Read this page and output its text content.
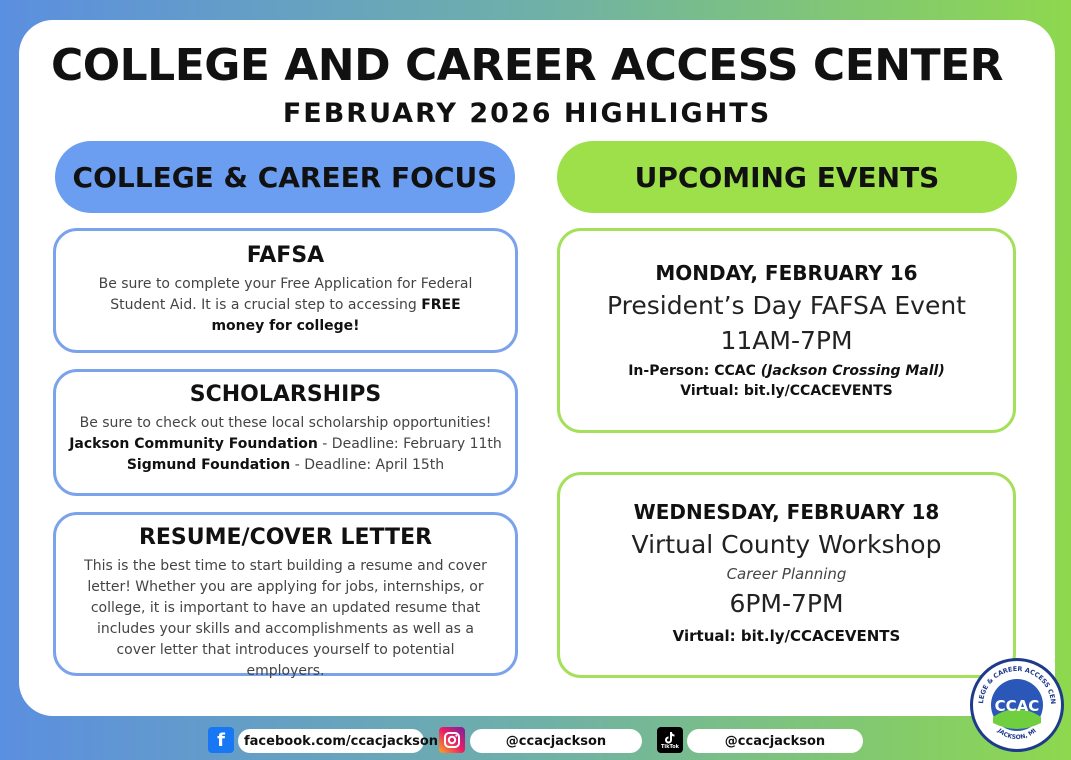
COLLEGE AND CAREER ACCESS CENTER
FEBRUARY 2026 HIGHLIGHTS
COLLEGE & CAREER FOCUS	UPCOMING EVENTS
FAFSA

Be sure to complete your Free Application for Federal Student Aid. It is a crucial step to accessing FREE money for college!

SCHOLARSHIPS

Be sure to check out these local scholarship opportunities!

Jackson Community Foundation - Deadline: February 11th

Sigmund Foundation - Deadline: April 15th

RESUME/COVER LETTER

This is the best time to start building a resume and cover letter! Whether you are applying for jobs, internships, or college, it is important to have an updated resume that includes your skills and accomplishments as well as a cover letter that introduces yourself to potential employers.

MONDAY, FEBRUARY 16
President’s Day FAFSA Event
11AM-7PM
In-Person: CCAC (Jackson Crossing Mall)
Virtual: bit.ly/CCACEVENTS
WEDNESDAY, FEBRUARY 18
Virtual County Workshop
Career Planning
6PM-7PM
Virtual: bit.ly/CCACEVENTS
f	facebook.com/ccacjackson	@ccacjackson	TikTok	@ccacjackson
LEGE & CAREER ACCESS CEN
CCAC
JACKSON, MI
